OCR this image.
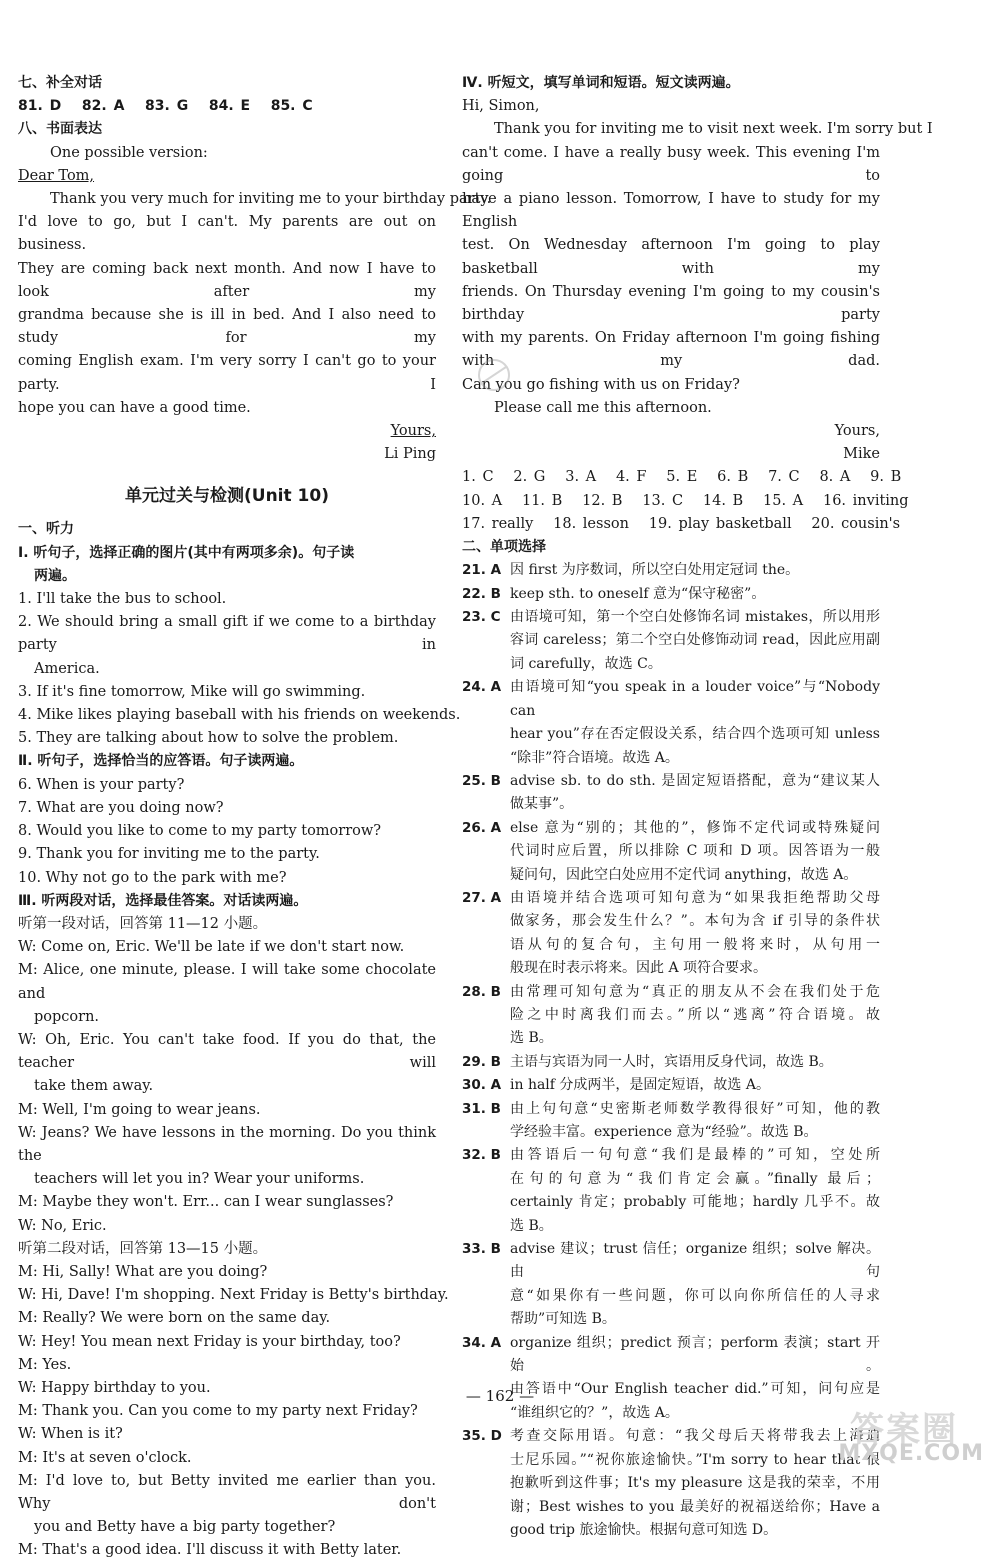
七、补全对话
81. D   82. A   83. G   84. E   85. C
八、书面表达
One possible version:
Dear Tom,
Thank you very much for inviting me to your birthday party.
I'd love to go, but I can't. My parents are out on business.
They are coming back next month. And now I have to look after my
grandma because she is ill in bed. And I also need to study for my
coming English exam. I'm very sorry I can't go to your party. I
hope you can have a good time.
Yours,
Li Ping
单元过关与检测(Unit 10)
一、听力
Ⅰ. 听句子，选择正确的图片(其中有两项多余)。句子读
两遍。
1. I'll take the bus to school.
2. We should bring a small gift if we come to a birthday party in
America.
3. If it's fine tomorrow, Mike will go swimming.
4. Mike likes playing baseball with his friends on weekends.
5. They are talking about how to solve the problem.
Ⅱ. 听句子，选择恰当的应答语。句子读两遍。
6. When is your party?
7. What are you doing now?
8. Would you like to come to my party tomorrow?
9. Thank you for inviting me to the party.
10. Why not go to the park with me?
Ⅲ. 听两段对话，选择最佳答案。对话读两遍。
听第一段对话，回答第 11—12 小题。
W: Come on, Eric. We'll be late if we don't start now.
M: Alice, one minute, please. I will take some chocolate and
popcorn.
W: Oh, Eric. You can't take food. If you do that, the teacher will
take them away.
M: Well, I'm going to wear jeans.
W: Jeans? We have lessons in the morning. Do you think the
teachers will let you in? Wear your uniforms.
M: Maybe they won't. Err... can I wear sunglasses?
W: No, Eric.
听第二段对话，回答第 13—15 小题。
M: Hi, Sally! What are you doing?
W: Hi, Dave! I'm shopping. Next Friday is Betty's birthday.
M: Really? We were born on the same day.
W: Hey! You mean next Friday is your birthday, too?
M: Yes.
W: Happy birthday to you.
M: Thank you. Can you come to my party next Friday?
W: When is it?
M: It's at seven o'clock.
M: I'd love to, but Betty invited me earlier than you. Why don't
you and Betty have a big party together?
M: That's a good idea. I'll discuss it with Betty later.
Ⅳ. 听短文，填写单词和短语。短文读两遍。
Hi, Simon,
Thank you for inviting me to visit next week. I'm sorry but I
can't come. I have a really busy week. This evening I'm going to
have a piano lesson. Tomorrow, I have to study for my English
test. On Wednesday afternoon I'm going to play basketball with my
friends. On Thursday evening I'm going to my cousin's birthday party
with my parents. On Friday afternoon I'm going fishing with my dad.
Can you go fishing with us on Friday?
Please call me this afternoon.
Yours,
Mike
1. C   2. G   3. A   4. F   5. E   6. B   7. C   8. A   9. B
10. A   11. B   12. B   13. C   14. B   15. A   16. inviting
17. really   18. lesson   19. play basketball   20. cousin's
二、单项选择
21. A 因 first 为序数词，所以空白处用定冠词 the。
22. B keep sth. to oneself 意为“保守秘密”。
23. C 由语境可知，第一个空白处修饰名词 mistakes，所以用形
容词 careless；第二个空白处修饰动词 read，因此应用副
词 carefully，故选 C。
24. A 由语境可知“you speak in a louder voice”与“Nobody can
hear you”存在否定假设关系，结合四个选项可知 unless
“除非”符合语境。故选 A。
25. B advise sb. to do sth. 是固定短语搭配，意为“建议某人
做某事”。
26. A else 意为“别的；其他的”，修饰不定代词或特殊疑问
代词时应后置，所以排除 C 项和 D 项。因答语为一般
疑问句，因此空白处应用不定代词 anything，故选 A。
27. A 由语境并结合选项可知句意为“如果我拒绝帮助父母
做家务，那会发生什么？”。本句为含 if 引导的条件状
语从句的复合句，主句用一般将来时，从句用一
般现在时表示将来。因此 A 项符合要求。
28. B 由常理可知句意为“真正的朋友从不会在我们处于危
险之中时离我们而去。”所以“逃离”符合语境。故
选 B。
29. B 主语与宾语为同一人时，宾语用反身代词，故选 B。
30. A in half 分成两半，是固定短语，故选 A。
31. B 由上句句意“史密斯老师数学教得很好”可知，他的教
学经验丰富。experience 意为“经验”。故选 B。
32. B 由答语后一句句意“我们是最棒的”可知，空处所
在句的句意为“我们肯定会赢。”finally 最后；
certainly 肯定；probably 可能地；hardly 几乎不。故
选 B。
33. B advise 建议；trust 信任；organize 组织；solve 解决。由句
意“如果你有一些问题，你可以向你所信任的人寻求
帮助”可知选 B。
34. A organize 组织；predict 预言；perform 表演；start 开始。
由答语中“Our English teacher did.”可知，问句应是
“谁组织它的？”，故选 A。
35. D 考查交际用语。句意：“我父母后天将带我去上海迪
士尼乐园。”“祝你旅途愉快。”I'm sorry to hear that 很
抱歉听到这件事；It's my pleasure 这是我的荣幸，不用
谢；Best wishes to you 最美好的祝福送给你；Have a
good trip 旅途愉快。根据句意可知选 D。
— 162 —
答案圈
MXQE.COM
